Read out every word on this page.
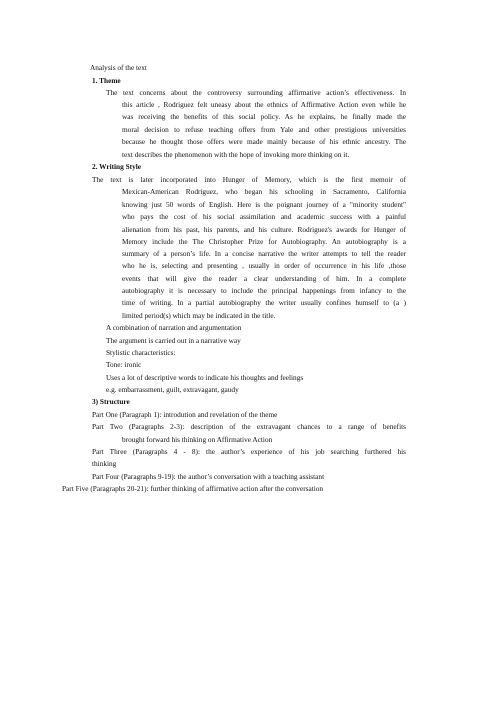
Analysis of the text
1. Theme
The text concerns about the controversy surrounding affirmative action’s effectiveness. In
this article , Rodriguez felt uneasy about the ethnics of Affirmative Action even while he
was receiving the benefits of this social policy. As he explains, he finally made the
moral decision to refuse teaching offers from Yale and other prestigious universities
because he thought those offers were made mainly because of his ethnic ancestry. The
text describes the phenomenon with the hope of invoking more thinking on it.
2. Writing Style
The text is later incorporated into Hunger of Memory, which is the first memoir of
Mexican-American Rodriguez, who began his schooling in Sacramento, California
knowing just 50 words of English. Here is the poignant journey of a "minority student"
who pays the cost of his social assimilation and academic success with a painful
alienation from his past, his parents, and his culture. Rodriguez's awards for Hunger of
Memory include the The Christopher Prize for Autobiography. An autobiography is a
summary of a person’s life. In a concise narrative the writer attempts to tell the reader
who he is, selecting and presenting , usually in order of occurrence in his life ,those
events that will give the reader a clear understanding of him. In a complete
autobiography it is necessary to include the principal happenings from infancy to the
time of writing. In a partial autobiography the writer usually confines humself to (a )
limited period(s) which may be indicated in the title.
A combination of narration and argumentation
The argument is carried out in a narrative way
Stylistic characteristics:
Tone: ironic
Uses a lot of descriptive words to indicate his thoughts and feelings
e.g. embarrassment, guilt, extravagant, gaudy
3) Structure
Part One (Paragraph 1): introdution and revelation of the theme
Part Two (Paragraphs 2-3): description of the extravagant chances to a range of benefits
brought forward his thinking on Affirmative Action
Part Three (Paragraphs 4 - 8): the author’s experience of his job searching furthered his
thinking
Part Four (Paragraphs 9-19): the author’s conversation with a teaching assistant
Part Five (Paragraphs 20-21): further thinking of affirmative action after the conversation
